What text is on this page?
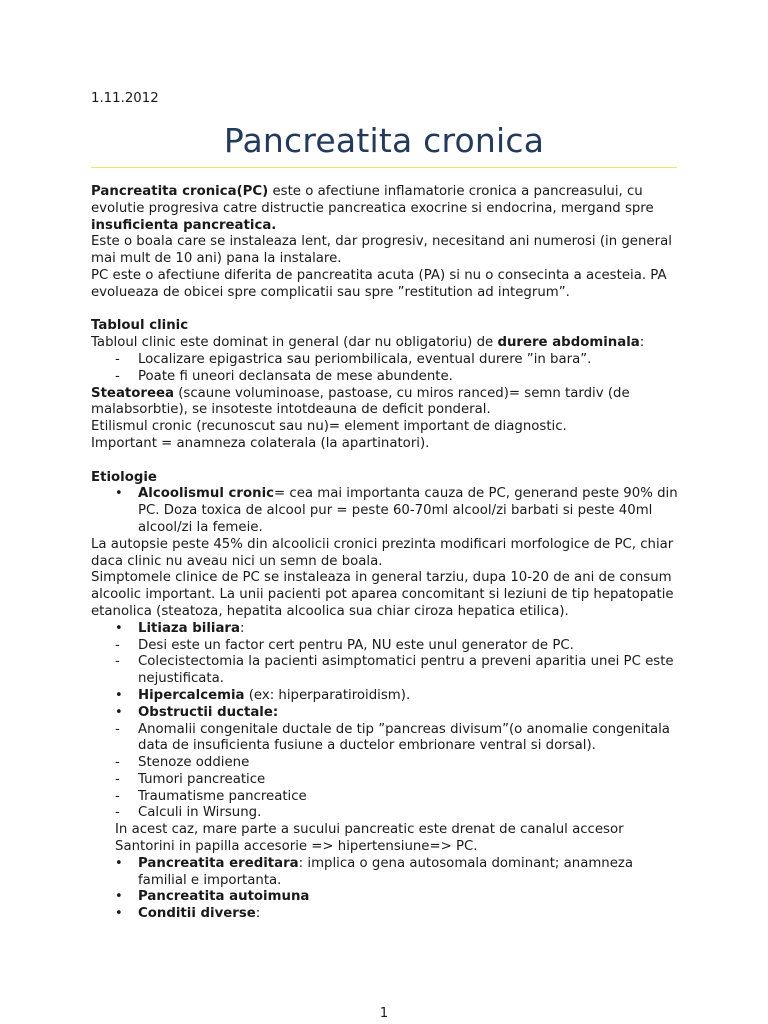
1.11.2012
Pancreatita cronica

Pancreatita cronica(PC) este o afectiune inflamatorie cronica a pancreasului, cu evolutie progresiva catre distructie pancreatica exocrine si endocrina, mergand spre insuficienta pancreatica.

Este o boala care se instaleaza lent, dar progresiv, necesitand ani numerosi (in general mai mult de 10 ani) pana la instalare.

PC este o afectiune diferita de pancreatita acuta (PA) si nu o consecinta a acesteia. PA evolueaza de obicei spre complicatii sau spre ”restitution ad integrum”.

Tabloul clinic

Tabloul clinic este dominat in general (dar nu obligatoriu) de durere abdominala:

- Localizare epigastrica sau periombilicala, eventual durere ”in bara”.
- Poate fi uneori declansata de mese abundente.

Steatoreea (scaune voluminoase, pastoase, cu miros ranced)= semn tardiv (de malabsorbtie), se insoteste intotdeauna de deficit ponderal.

Etilismul cronic (recunoscut sau nu)= element important de diagnostic.

Important = anamneza colaterala (la apartinatori).

Etiologie

• Alcoolismul cronic= cea mai importanta cauza de PC, generand peste 90% din PC. Doza toxica de alcool pur = peste 60-70ml alcool/zi barbati si peste 40ml alcool/zi la femeie.

La autopsie peste 45% din alcoolicii cronici prezinta modificari morfologice de PC, chiar daca clinic nu aveau nici un semn de boala.

Simptomele clinice de PC se instaleaza in general tarziu, dupa 10-20 de ani de consum alcoolic important. La unii pacienti pot aparea concomitant si leziuni de tip hepatopatie etanolica (steatoza, hepatita alcoolica sua chiar ciroza hepatica etilica).

• Litiaza biliara:
- Desi este un factor cert pentru PA, NU este unul generator de PC.
- Colecistectomia la pacienti asimptomatici pentru a preveni aparitia unei PC este nejustificata.
• Hipercalcemia (ex: hiperparatiroidism).
• Obstructii ductale:
- Anomalii congenitale ductale de tip ”pancreas divisum”(o anomalie congenitala data de insuficienta fusiune a ductelor embrionare ventral si dorsal).
- Stenoze oddiene
- Tumori pancreatice
- Traumatisme pancreatice
- Calculi in Wirsung.

In acest caz, mare parte a sucului pancreatic este drenat de canalul accesor Santorini in papilla accesorie => hipertensiune=> PC.

• Pancreatita ereditara: implica o gena autosomala dominant; anamneza familial e importanta.
• Pancreatita autoimuna
• Conditii diverse:
1
